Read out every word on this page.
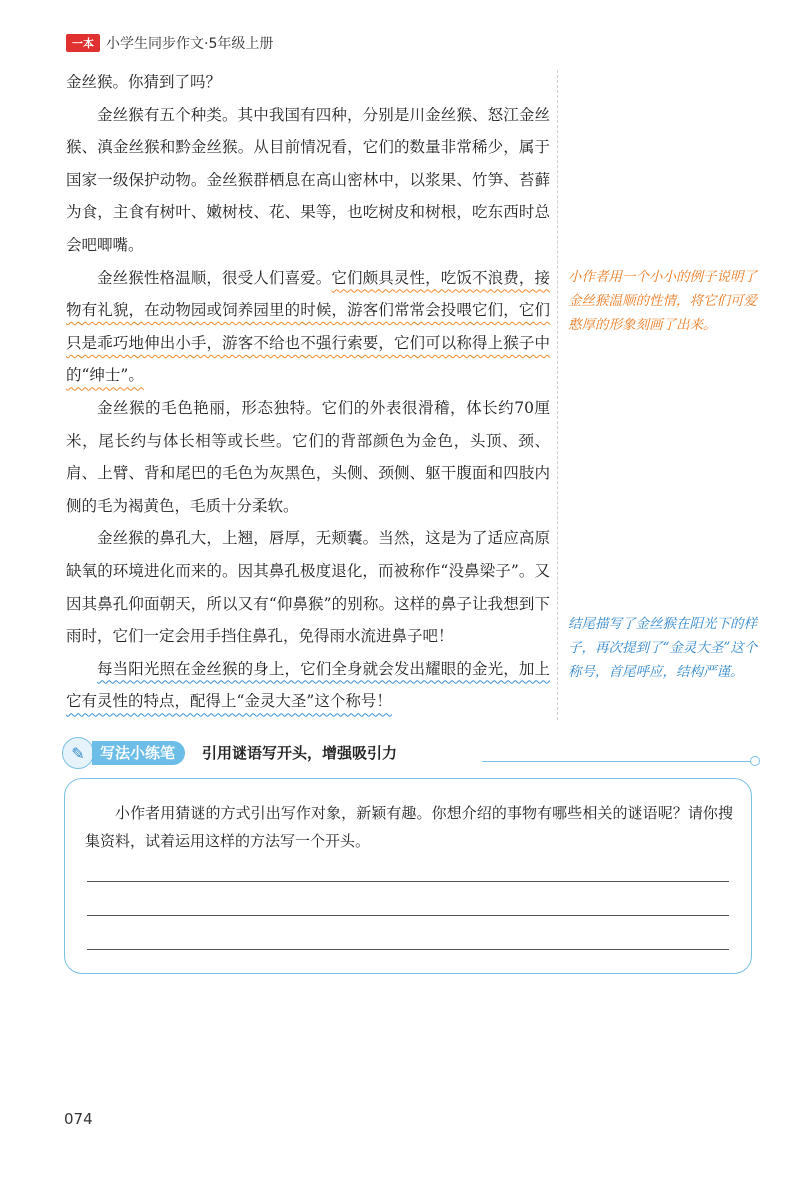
一本 小学生同步作文·5年级上册

金丝猴。你猜到了吗？

金丝猴有五个种类。其中我国有四种，分别是川金丝猴、怒江金丝猴、滇金丝猴和黔金丝猴。从目前情况看，它们的数量非常稀少，属于国家一级保护动物。金丝猴群栖息在高山密林中，以浆果、竹笋、苔藓为食，主食有树叶、嫩树枝、花、果等，也吃树皮和树根，吃东西时总会吧唧嘴。

金丝猴性格温顺，很受人们喜爱。它们颇具灵性，吃饭不浪费，接物有礼貌，在动物园或饲养园里的时候，游客们常常会投喂它们，它们只是乖巧地伸出小手，游客不给也不强行索要，它们可以称得上猴子中的“绅士”。

金丝猴的毛色艳丽，形态独特。它们的外表很滑稽，体长约70厘米，尾长约与体长相等或长些。它们的背部颜色为金色，头顶、颈、肩、上臂、背和尾巴的毛色为灰黑色，头侧、颈侧、躯干腹面和四肢内侧的毛为褐黄色，毛质十分柔软。

金丝猴的鼻孔大，上翘，唇厚，无颊囊。当然，这是为了适应高原缺氧的环境进化而来的。因其鼻孔极度退化，而被称作“没鼻梁子”。又因其鼻孔仰面朝天，所以又有“仰鼻猴”的别称。这样的鼻子让我想到下雨时，它们一定会用手挡住鼻孔，免得雨水流进鼻子吧！

每当阳光照在金丝猴的身上，它们全身就会发出耀眼的金光，加上它有灵性的特点，配得上“金灵大圣”这个称号！

小作者用一个小小的例子说明了金丝猴温顺的性情，将它们可爱憨厚的形象刻画了出来。
结尾描写了金丝猴在阳光下的样子，再次提到了“金灵大圣”这个称号，首尾呼应，结构严谨。
✎	写法小练笔	引用谜语写开头，增强吸引力

小作者用猜谜的方式引出写作对象，新颖有趣。你想介绍的事物有哪些相关的谜语呢？请你搜集资料，试着运用这样的方法写一个开头。

074
